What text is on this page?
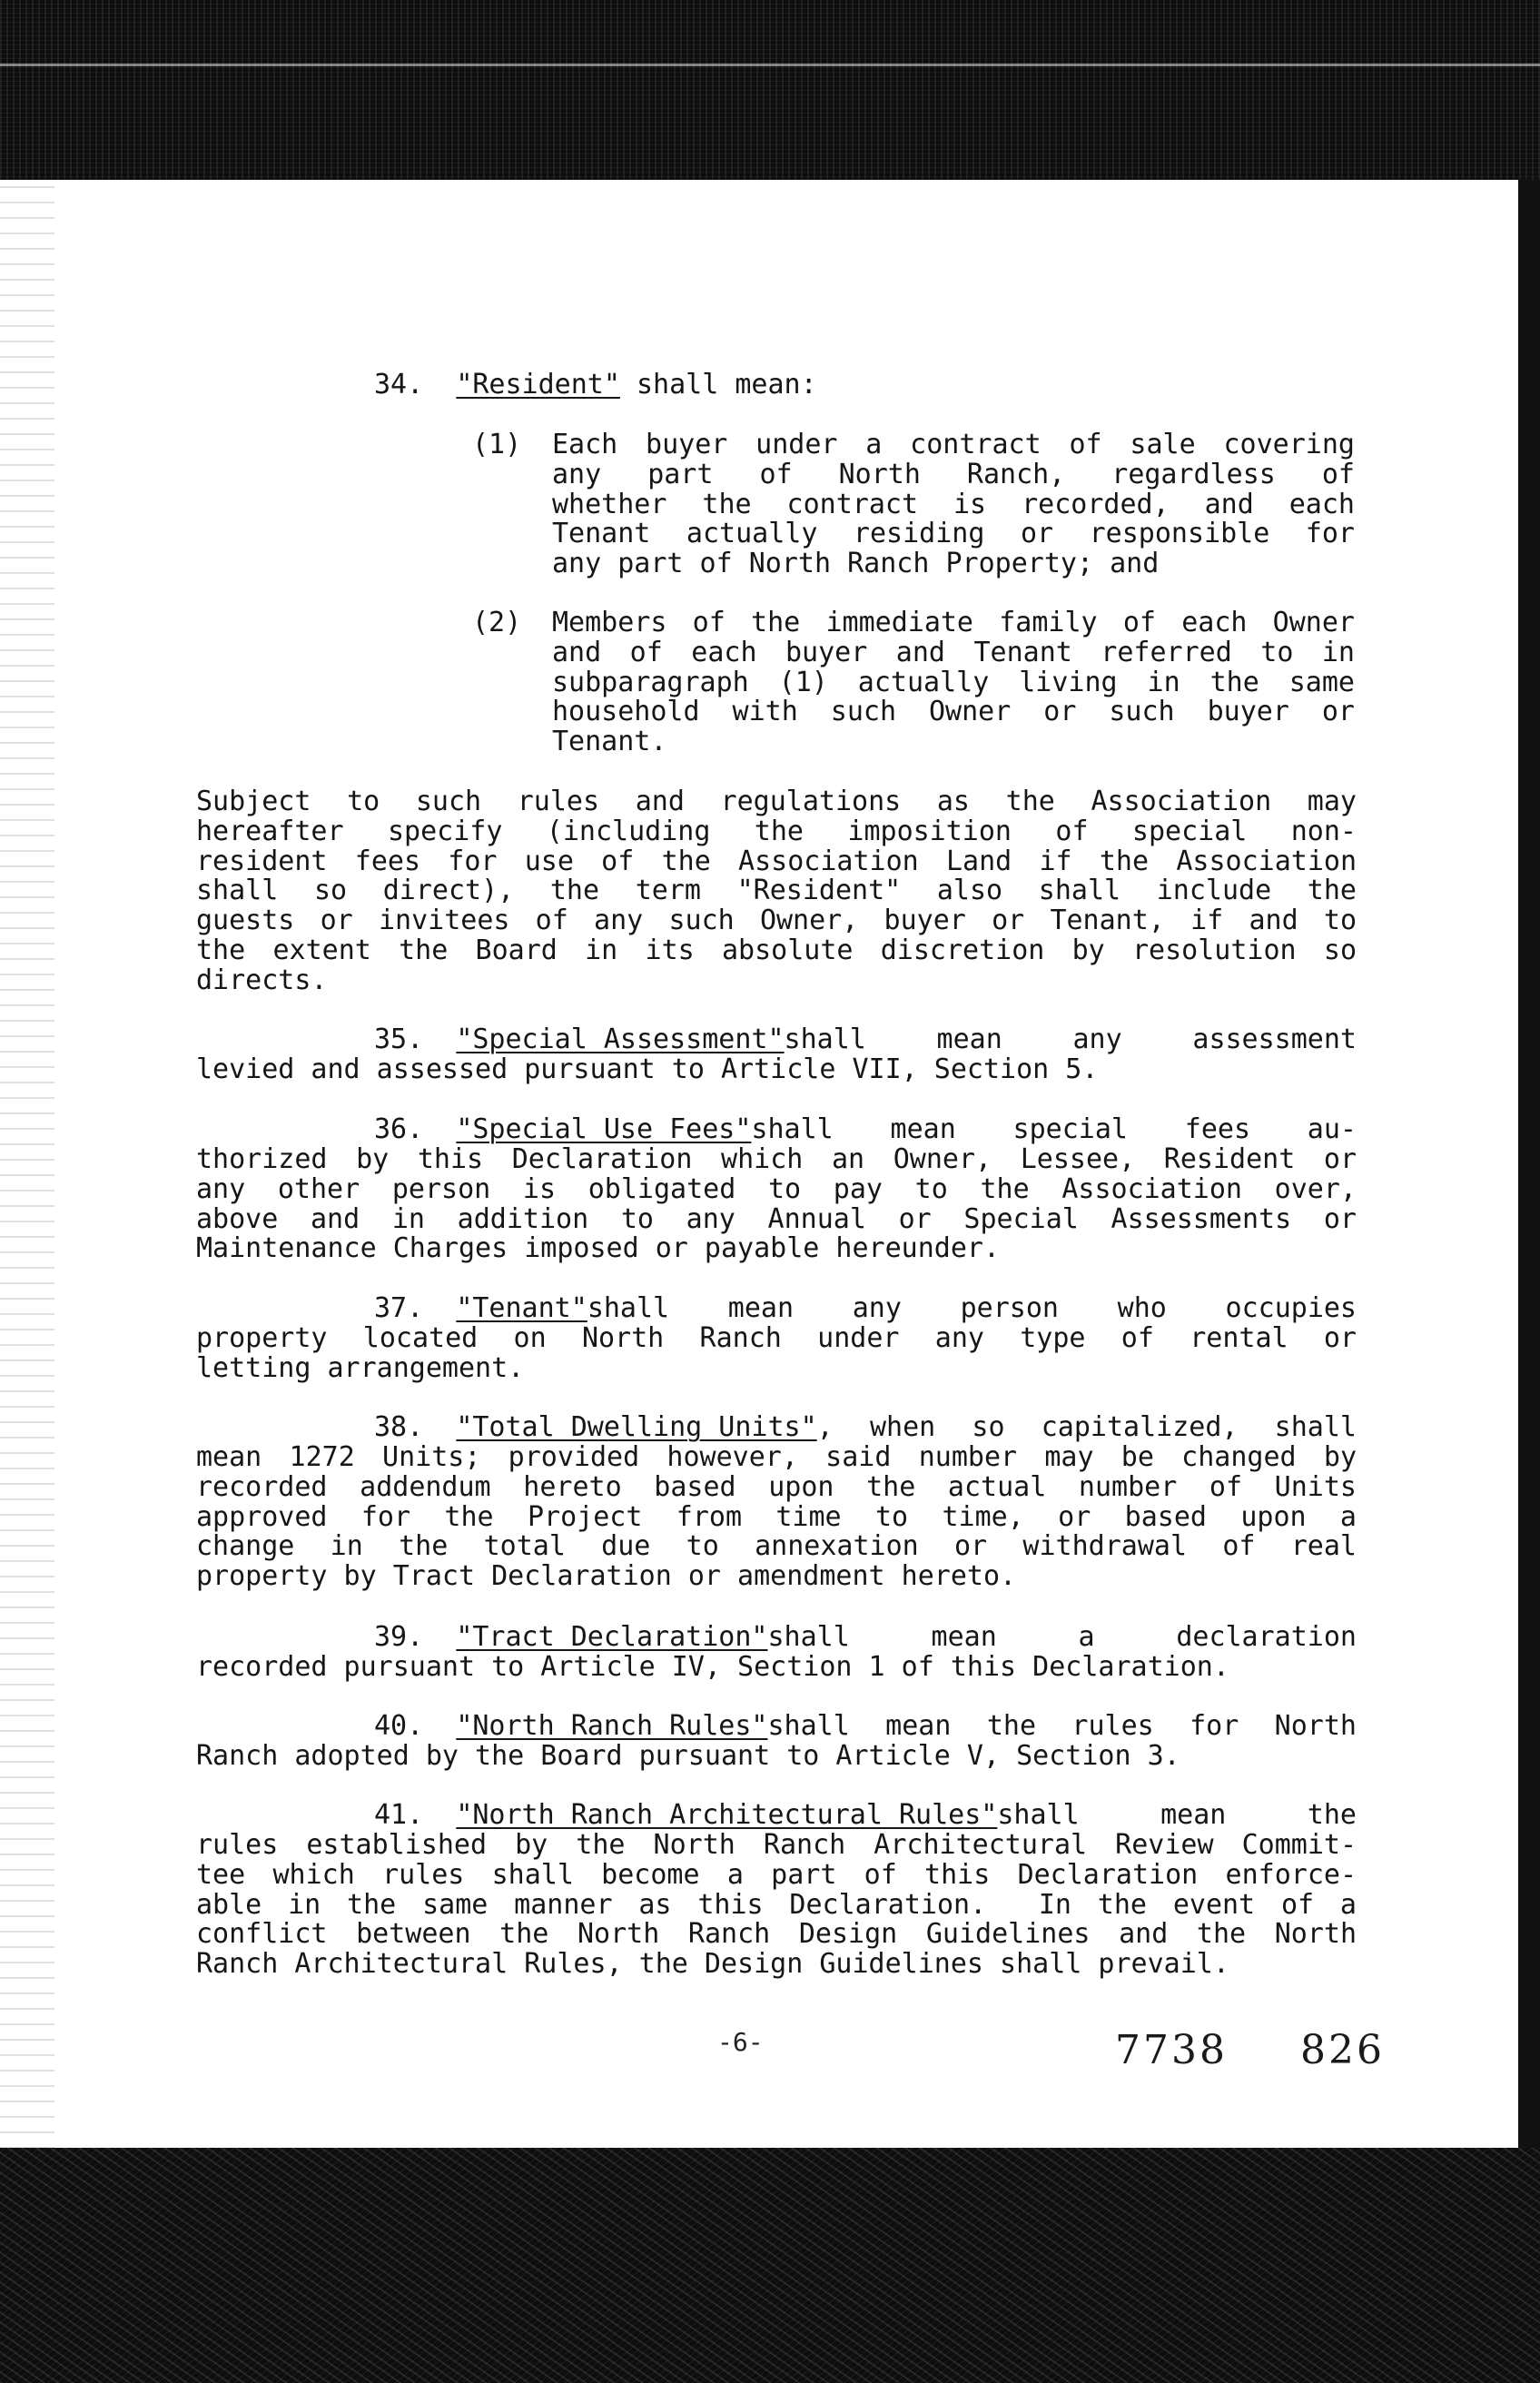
34. "Resident" shall mean:
(1)	Each buyer under a contract of sale covering
any part of North Ranch, regardless of
whether the contract is recorded, and each
Tenant actually residing or responsible for
any part of North Ranch Property; and
(2)	Members of the immediate family of each Owner
and of each buyer and Tenant referred to in
subparagraph (1) actually living in the same
household with such Owner or such buyer or
Tenant.
Subject to such rules and regulations as the Association may
hereafter specify (including the imposition of special non-
resident fees for use of the Association Land if the Association
shall so direct), the term "Resident" also shall include the
guests or invitees of any such Owner, buyer or Tenant, if and to
the extent the Board in its absolute discretion by resolution so
directs.
35. "Special Assessment" shall mean any assessment
levied and assessed pursuant to Article VII, Section 5.
36. "Special Use Fees" shall mean special fees au-
thorized by this Declaration which an Owner, Lessee, Resident or
any other person is obligated to pay to the Association over,
above and in addition to any Annual or Special Assessments or
Maintenance Charges imposed or payable hereunder.
37. "Tenant" shall mean any person who occupies
property located on North Ranch under any type of rental or
letting arrangement.
38. "Total Dwelling Units" , when so capitalized, shall
mean 1272 Units; provided however, said number may be changed by
recorded addendum hereto based upon the actual number of Units
approved for the Project from time to time, or based upon a
change in the total due to annexation or withdrawal of real
property by Tract Declaration or amendment hereto.
39. "Tract Declaration" shall mean a declaration
recorded pursuant to Article IV, Section 1 of this Declaration.
40. "North Ranch Rules" shall mean the rules for North
Ranch adopted by the Board pursuant to Article V, Section 3.
41. "North Ranch Architectural Rules" shall mean the
rules established by the North Ranch Architectural Review Commit-
tee which rules shall become a part of this Declaration enforce-
able in the same manner as this Declaration.  In the event of a
conflict between the North Ranch Design Guidelines and the North
Ranch Architectural Rules, the Design Guidelines shall prevail.
-6-	7738 826
